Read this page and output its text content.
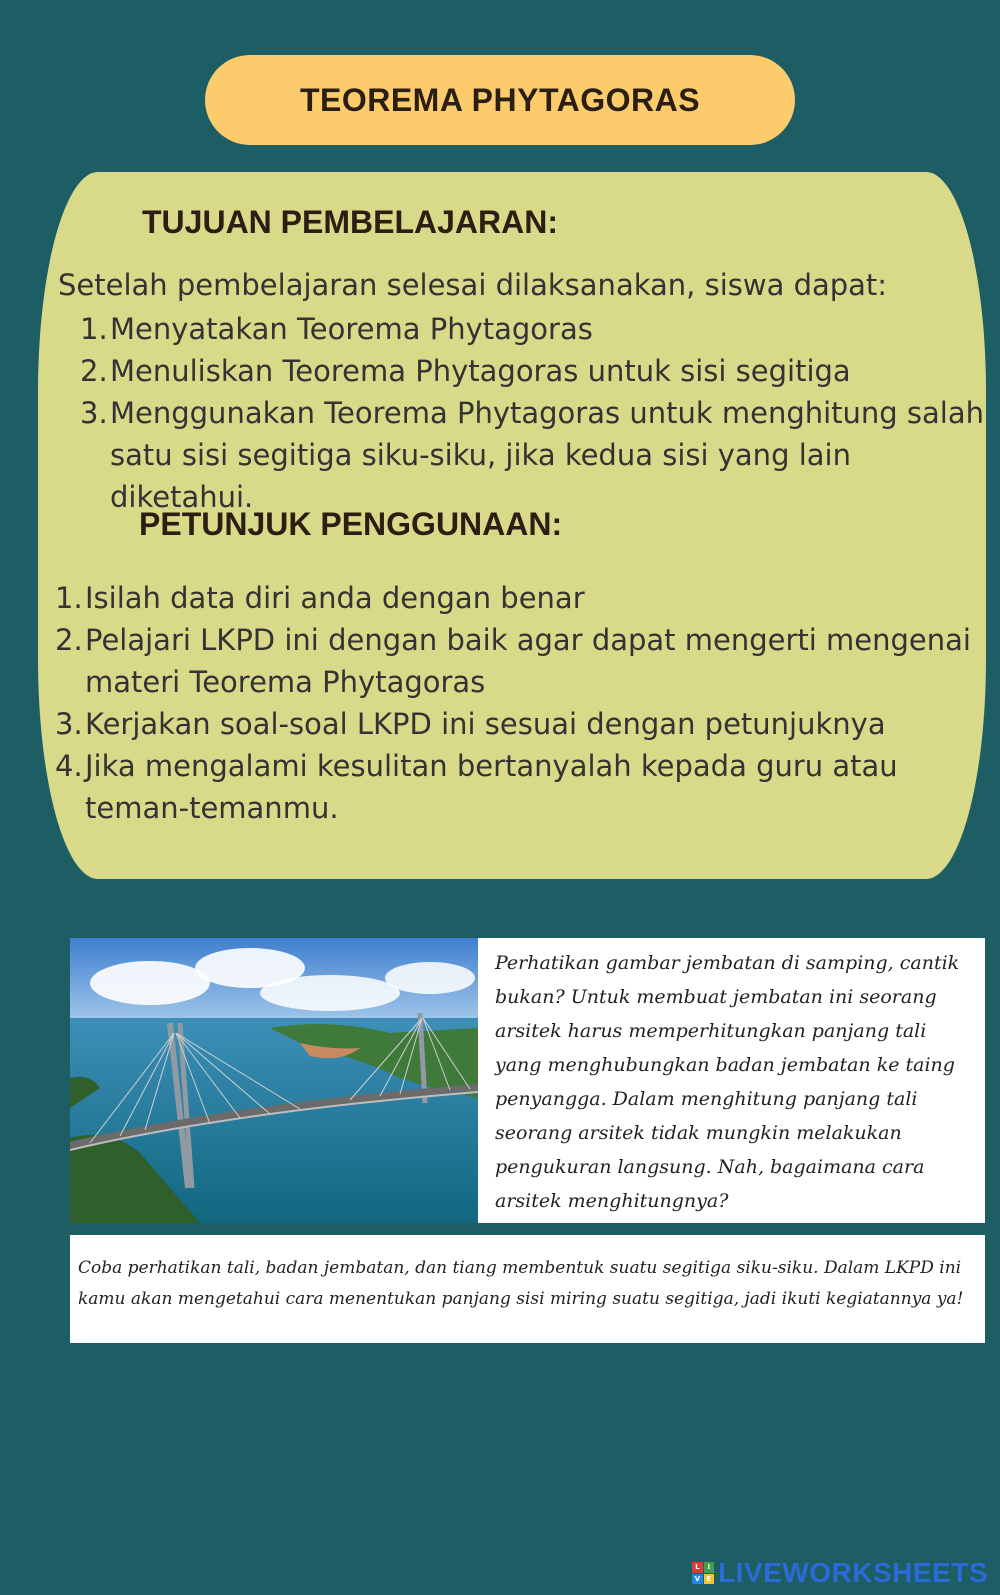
TEOREMA PHYTAGORAS
TUJUAN PEMBELAJARAN:

Setelah pembelajaran selesai dilaksanakan, siswa dapat:

1. Menyatakan Teorema Phytagoras
2. Menuliskan Teorema Phytagoras untuk sisi segitiga
3. Menggunakan Teorema Phytagoras untuk menghitung salah satu sisi segitiga siku-siku, jika kedua sisi yang lain diketahui.
PETUNJUK PENGGUNAAN:
1. Isilah data diri anda dengan benar
2. Pelajari LKPD ini dengan baik agar dapat mengerti mengenai materi Teorema Phytagoras
3. Kerjakan soal-soal LKPD ini sesuai dengan petunjuknya
4. Jika mengalami kesulitan bertanyalah kepada guru atau teman-temanmu.

Perhatikan gambar jembatan di samping, cantik bukan? Untuk membuat jembatan ini seorang arsitek harus memperhitungkan panjang tali yang menghubungkan badan jembatan ke taing penyangga. Dalam menghitung panjang tali seorang arsitek tidak mungkin melakukan pengukuran langsung. Nah, bagaimana cara arsitek menghitungnya?

Coba perhatikan tali, badan jembatan, dan tiang membentuk suatu segitiga siku-siku. Dalam LKPD ini kamu akan mengetahui cara menentukan panjang sisi miring suatu segitiga, jadi ikuti kegiatannya ya!

L	I
V E LIVEWORKSHEETS
